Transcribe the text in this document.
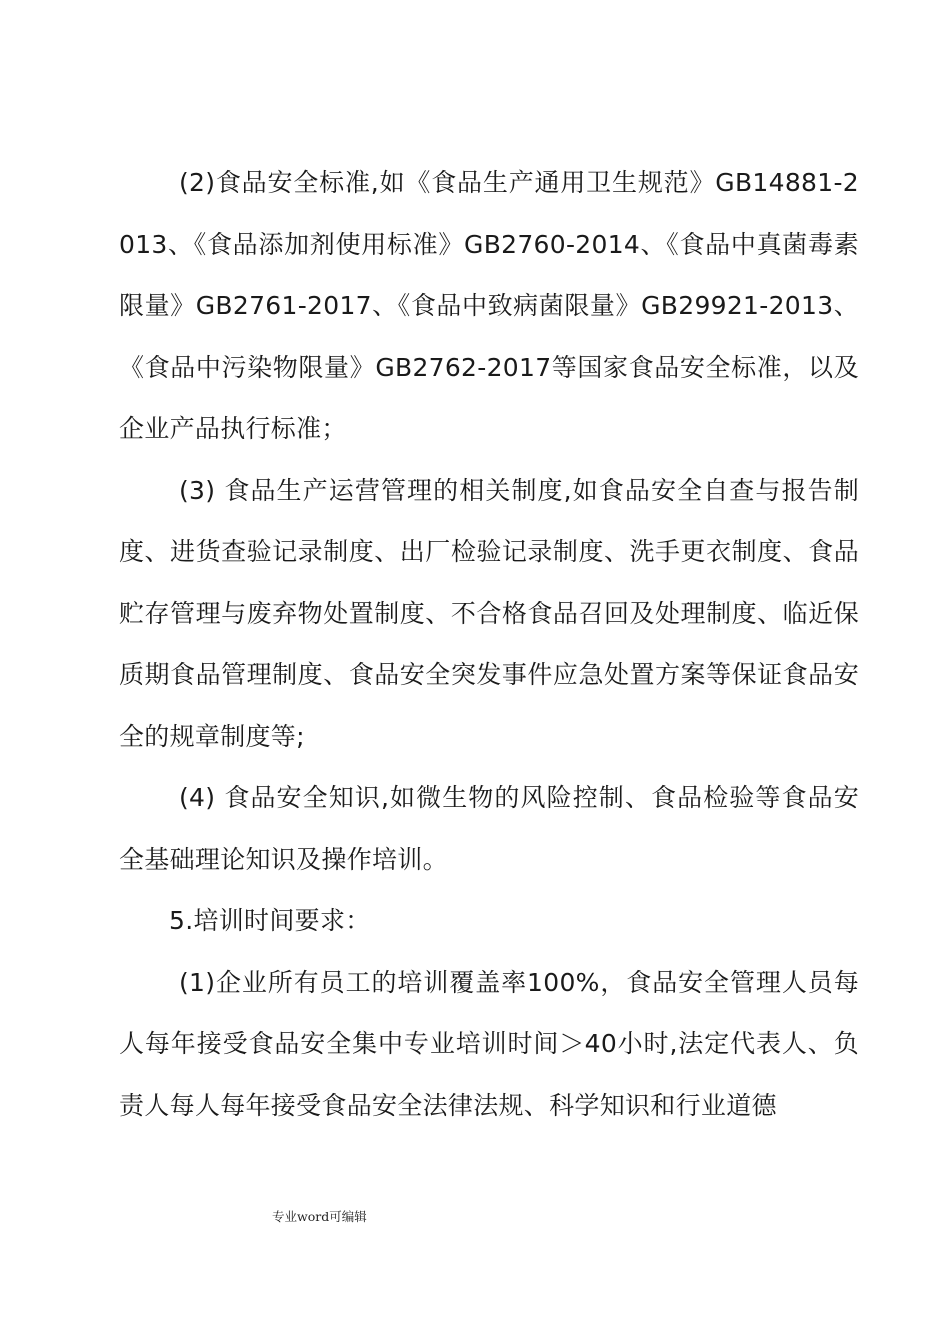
(2)食品安全标准,如《食品生产通用卫生规范》GB14881-2013、《食品添加剂使用标准》GB2760-2014、《食品中真菌毒素限量》GB2761-2017、《食品中致病菌限量》GB29921-2013、《食品中污染物限量》GB2762-2017等国家食品安全标准，以及企业产品执行标准；

(3) 食品生产运营管理的相关制度,如食品安全自查与报告制度、进货查验记录制度、出厂检验记录制度、洗手更衣制度、食品贮存管理与废弃物处置制度、不合格食品召回及处理制度、临近保质期食品管理制度、食品安全突发事件应急处置方案等保证食品安全的规章制度等;

(4) 食品安全知识,如微生物的风险控制、食品检验等食品安全基础理论知识及操作培训。

5.培训时间要求：

(1)企业所有员工的培训覆盖率100%，食品安全管理人员每人每年接受食品安全集中专业培训时间＞40小时,法定代表人、负责人每人每年接受食品安全法律法规、科学知识和行业道德

专业word可编辑
